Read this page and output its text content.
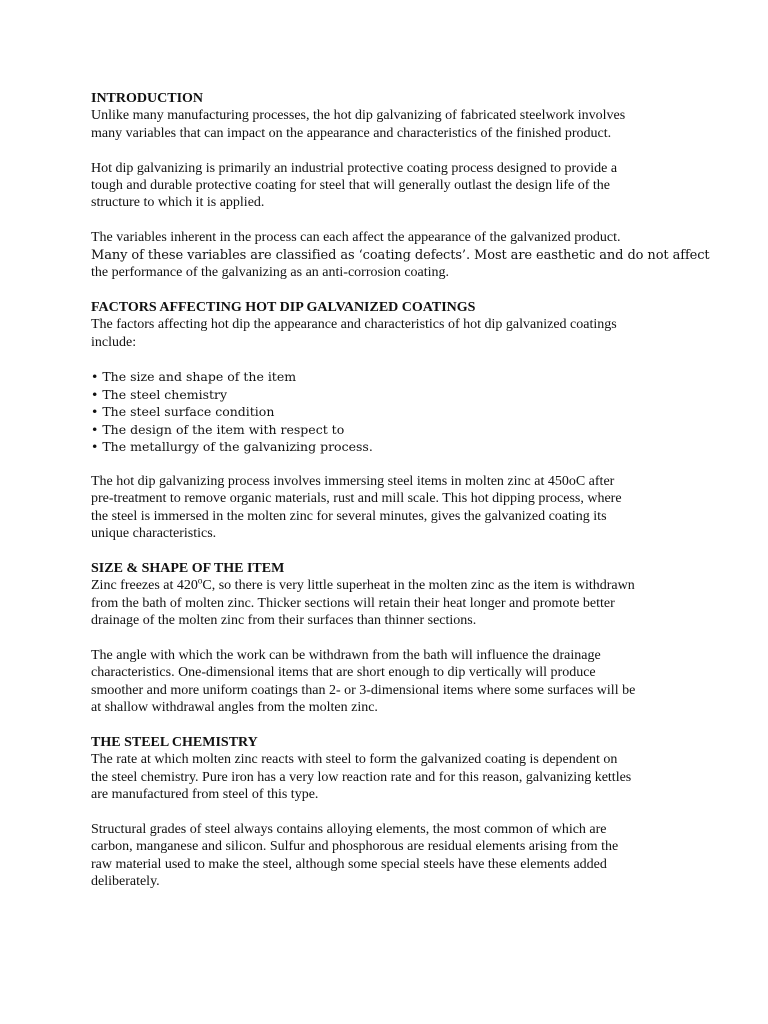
INTRODUCTION

Unlike many manufacturing processes, the hot dip galvanizing of fabricated steelwork involves
many variables that can impact on the appearance and characteristics of the finished product.

Hot dip galvanizing is primarily an industrial protective coating process designed to provide a
tough and durable protective coating for steel that will generally outlast the design life of the
structure to which it is applied.

The variables inherent in the process can each affect the appearance of the galvanized product.
Many of these variables are classified as ‘coating defects’. Most are easthetic and do not affect
the performance of the galvanizing as an anti-corrosion coating.

FACTORS AFFECTING HOT DIP GALVANIZED COATINGS

The factors affecting hot dip the appearance and characteristics of hot dip galvanized coatings
include:

• The size and shape of the item
• The steel chemistry
• The steel surface condition
• The design of the item with respect to
• The metallurgy of the galvanizing process.

The hot dip galvanizing process involves immersing steel items in molten zinc at 450oC after
pre-treatment to remove organic materials, rust and mill scale. This hot dipping process, where
the steel is immersed in the molten zinc for several minutes, gives the galvanized coating its
unique characteristics.

SIZE & SHAPE OF THE ITEM

Zinc freezes at 420$^o$C, so there is very little superheat in the molten zinc as the item is withdrawn
from the bath of molten zinc. Thicker sections will retain their heat longer and promote better
drainage of the molten zinc from their surfaces than thinner sections.

The angle with which the work can be withdrawn from the bath will influence the drainage
characteristics. One-dimensional items that are short enough to dip vertically will produce
smoother and more uniform coatings than 2- or 3-dimensional items where some surfaces will be
at shallow withdrawal angles from the molten zinc.

THE STEEL CHEMISTRY

The rate at which molten zinc reacts with steel to form the galvanized coating is dependent on
the steel chemistry. Pure iron has a very low reaction rate and for this reason, galvanizing kettles
are manufactured from steel of this type.

Structural grades of steel always contains alloying elements, the most common of which are
carbon, manganese and silicon. Sulfur and phosphorous are residual elements arising from the
raw material used to make the steel, although some special steels have these elements added
deliberately.
